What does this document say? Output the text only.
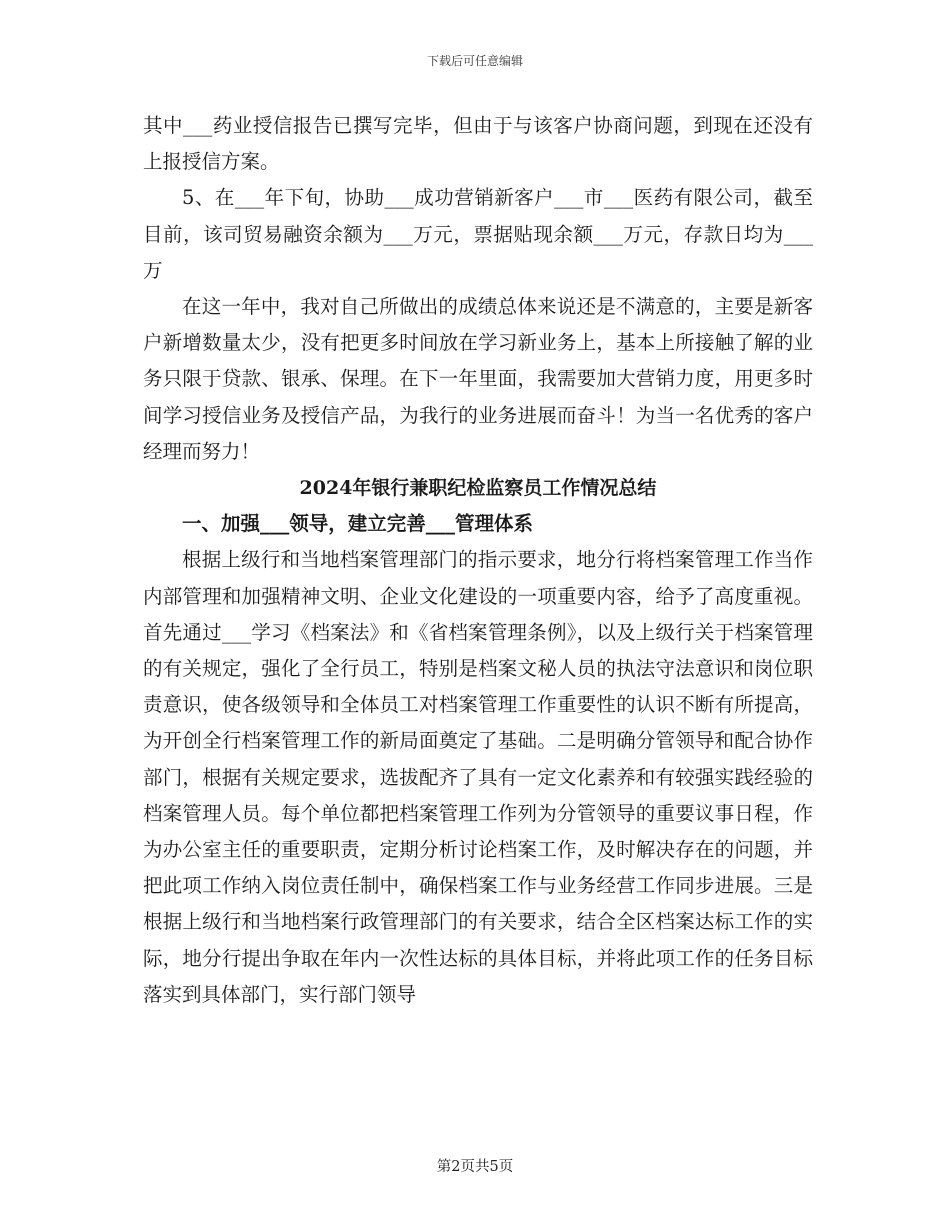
下载后可任意编辑

其中___药业授信报告已撰写完毕，但由于与该客户协商问题，到现在还没有上报授信方案。

5、在___年下旬，协助___成功营销新客户___市___医药有限公司，截至目前，该司贸易融资余额为___万元，票据贴现余额___万元，存款日均为___万

在这一年中，我对自己所做出的成绩总体来说还是不满意的，主要是新客户新增数量太少，没有把更多时间放在学习新业务上，基本上所接触了解的业务只限于贷款、银承、保理。在下一年里面，我需要加大营销力度，用更多时间学习授信业务及授信产品，为我行的业务进展而奋斗！为当一名优秀的客户经理而努力！

2024年银行兼职纪检监察员工作情况总结

一、加强___领导，建立完善___管理体系

根据上级行和当地档案管理部门的指示要求，地分行将档案管理工作当作内部管理和加强精神文明、企业文化建设的一项重要内容，给予了高度重视。首先通过___学习《档案法》和《省档案管理条例》，以及上级行关于档案管理的有关规定，强化了全行员工，特别是档案文秘人员的执法守法意识和岗位职责意识，使各级领导和全体员工对档案管理工作重要性的认识不断有所提高，为开创全行档案管理工作的新局面奠定了基础。二是明确分管领导和配合协作部门，根据有关规定要求，选拔配齐了具有一定文化素养和有较强实践经验的档案管理人员。每个单位都把档案管理工作列为分管领导的重要议事日程，作为办公室主任的重要职责，定期分析讨论档案工作，及时解决存在的问题，并把此项工作纳入岗位责任制中，确保档案工作与业务经营工作同步进展。三是根据上级行和当地档案行政管理部门的有关要求，结合全区档案达标工作的实际，地分行提出争取在年内一次性达标的具体目标，并将此项工作的任务目标落实到具体部门，实行部门领导

第2页共5页
